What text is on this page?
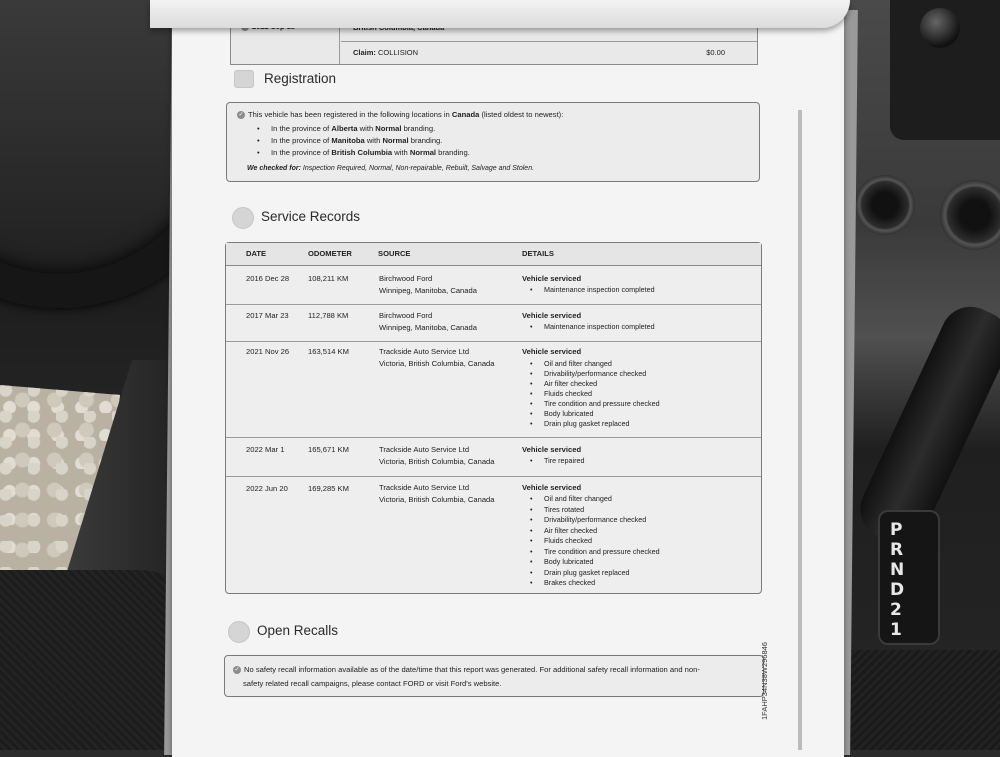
P
R
N
D
2
1
Claim: COLLISION	$0.00
Registration
✓ This vehicle has been registered in the following locations in Canada (listed oldest to newest):
• In the province of Alberta with Normal branding.
• In the province of Manitoba with Normal branding.
• In the province of British Columbia with Normal branding.
We checked for: Inspection Required, Normal, Non-repairable, Rebuilt, Salvage and Stolen.
Service Records
DATE	ODOMETER	SOURCE	DETAILS
2016 Dec 28 108,211 KM	Birchwood Ford
Winnipeg, Manitoba, Canada
Vehicle serviced
• Maintenance inspection completed
2017 Mar 23	112,788 KM	Birchwood Ford
Winnipeg, Manitoba, Canada
Vehicle serviced
• Maintenance inspection completed
2021 Nov 26 163,514 KM	Trackside Auto Service Ltd
Victoria, British Columbia, Canada
Vehicle serviced
• Oil and filter changed
• Drivability/performance checked
• Air filter checked
• Fluids checked
• Tire condition and pressure checked
• Body lubricated
• Drain plug gasket replaced
2022 Mar 1	165,671 KM	Trackside Auto Service Ltd
Victoria, British Columbia, Canada
Vehicle serviced
• Tire repaired
2022 Jun 20	169,285 KM	Trackside Auto Service Ltd
Victoria, British Columbia, Canada
Vehicle serviced
• Oil and filter changed
• Tires rotated
• Drivability/performance checked
• Air filter checked
• Fluids checked
• Tire condition and pressure checked
• Body lubricated
• Drain plug gasket replaced
• Brakes checked
Open Recalls
✓ No safety recall information available as of the date/time that this report was generated. For additional safety recall information and non-
safety related recall campaigns, please contact FORD or visit Ford's website.	1FAHP34N38W296846
